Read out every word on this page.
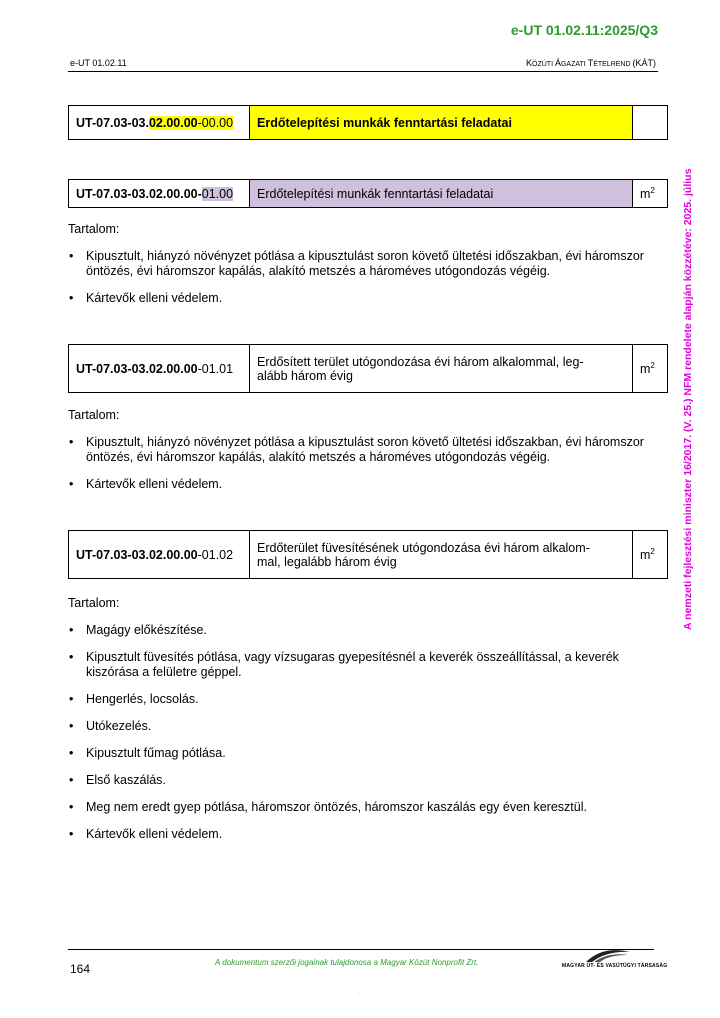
e-UT 01.02.11:2025/Q3
e-UT 01.02.11	KÖZÚTI ÁGAZATI TÉTELREND (KÁT)
A nemzeti fejlesztési miniszter 16/2017. (V. 25.) NFM rendelete alapján közzétéve: 2025. július
UT-07.03-03.02.00.00-00.00	Erdőtelepítési munkák fenntartási feladatai	
UT-07.03-03.02.00.00-01.00	Erdőtelepítési munkák fenntartási feladatai	$m^2$
Tartalom:
• Kipusztult, hiányzó növényzet pótlása a kipusztulást soron követő ültetési időszakban, évi háromszor öntözés, évi háromszor kapálás, alakító metszés a hároméves utógondozás végéig.
• Kártevők elleni védelem.
UT-07.03-03.02.00.00-01.01	Erdősített terület utógondozása évi három alkalommal, leg-
alább három évig	$m^2$
Tartalom:
• Kipusztult, hiányzó növényzet pótlása a kipusztulást soron követő ültetési időszakban, évi háromszor öntözés, évi háromszor kapálás, alakító metszés a hároméves utógondozás végéig.
• Kártevők elleni védelem.
UT-07.03-03.02.00.00-01.02	Erdőterület füvesítésének utógondozása évi három alkalom-
mal, legalább három évig	$m^2$
Tartalom:
• Magágy előkészítése.
• Kipusztult füvesítés pótlása, vagy vízsugaras gyepesítésnél a keverék összeállítással, a keverék kiszórása a felületre géppel.
• Hengerlés, locsolás.
• Utókezelés.
• Kipusztult fűmag pótlása.
• Első kaszálás.
• Meg nem eredt gyep pótlása, háromszor öntözés, háromszor kaszálás egy éven keresztül.
• Kártevők elleni védelem.
164	A dokumentum szerzői jogainak tulajdonosa a Magyar Közút Nonprofit Zrt.	MAGYAR ÚT- ÉS VASÚTÜGYI TÁRSASÁG
.
